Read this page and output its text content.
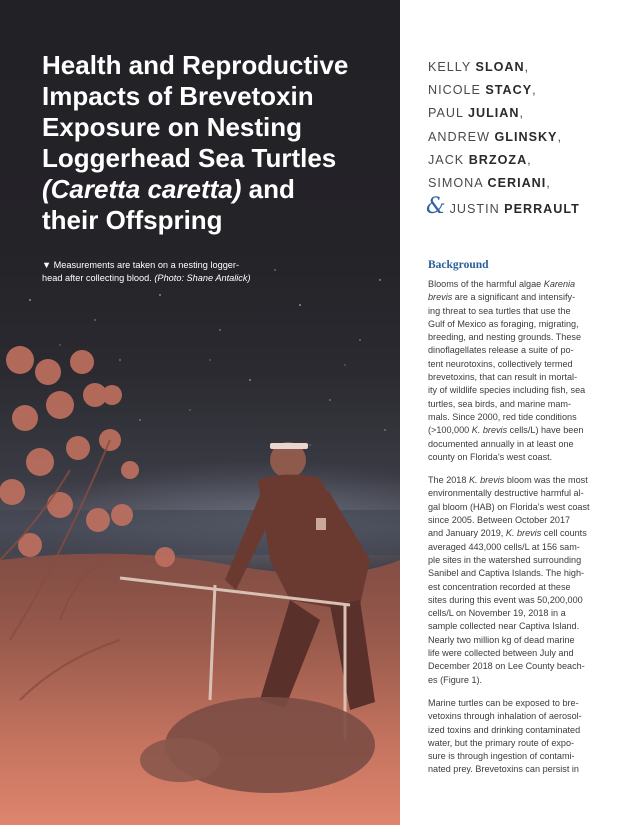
Health and Reproductive
Impacts of Brevetoxin
Exposure on Nesting
Loggerhead Sea Turtles
(Caretta caretta) and
their Offspring
▼ Measurements are taken on a nesting logger-
head after collecting blood. (Photo: Shane Antalick)
KELLY SLOAN,
NICOLE STACY,
PAUL JULIAN,
ANDREW GLINSKY,
JACK BRZOZA,
SIMONA CERIANI,
& JUSTIN PERRAULT
Background

Blooms of the harmful algae Karenia
brevis are a significant and intensify-
ing threat to sea turtles that use the
Gulf of Mexico as foraging, migrating,
breeding, and nesting grounds. These
dinoflagellates release a suite of po-
tent neurotoxins, collectively termed
brevetoxins, that can result in mortal-
ity of wildlife species including fish, sea
turtles, sea birds, and marine mam-
mals. Since 2000, red tide conditions
(>100,000 K. brevis cells/L) have been
documented annually in at least one
county on Florida’s west coast.

The 2018 K. brevis bloom was the most
environmentally destructive harmful al-
gal bloom (HAB) on Florida’s west coast
since 2005. Between October 2017
and January 2019, K. brevis cell counts
averaged 443,000 cells/L at 156 sam-
ple sites in the watershed surrounding
Sanibel and Captiva Islands. The high-
est concentration recorded at these
sites during this event was 50,200,000
cells/L on November 19, 2018 in a
sample collected near Captiva Island.
Nearly two million kg of dead marine
life were collected between July and
December 2018 on Lee County beach-
es (Figure 1).

Marine turtles can be exposed to bre-
vetoxins through inhalation of aerosol-
ized toxins and drinking contaminated
water, but the primary route of expo-
sure is through ingestion of contami-
nated prey. Brevetoxins can persist in
